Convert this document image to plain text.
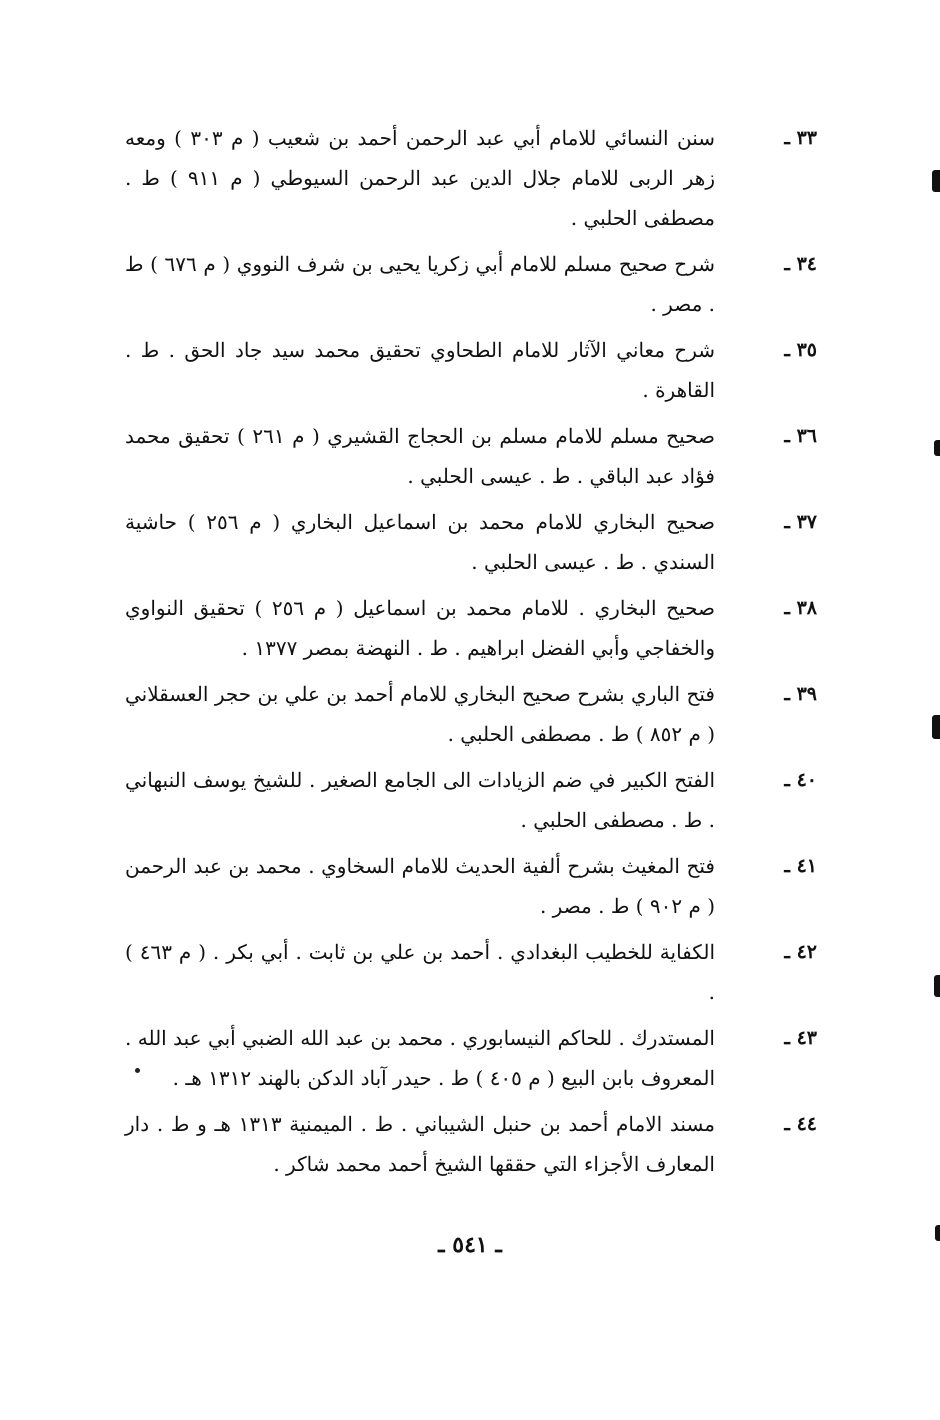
٣٣ ـ
سنن النسائي للامام أبي عبد الرحمن أحمد بن شعيب ( م ٣٠٣ ) ومعه زهر الربى للامام جلال الدين عبد الرحمن السيوطي ( م ٩١١ ) ط . مصطفى الحلبي .
٣٤ ـ
شرح صحيح مسلم للامام أبي زكريا يحيى بن شرف النووي ( م ٦٧٦ ) ط . مصر .
٣٥ ـ
شرح معاني الآثار للامام الطحاوي تحقيق محمد سيد جاد الحق . ط . القاهرة .
٣٦ ـ
صحيح مسلم للامام مسلم بن الحجاج القشيري ( م ٢٦١ ) تحقيق محمد فؤاد عبد الباقي . ط . عيسى الحلبي .
٣٧ ـ
صحيح البخاري للامام محمد بن اسماعيل البخاري ( م ٢٥٦ ) حاشية السندي . ط . عيسى الحلبي .
٣٨ ـ
صحيح البخاري . للامام محمد بن اسماعيل ( م ٢٥٦ ) تحقيق النواوي والخفاجي وأبي الفضل ابراهيم . ط . النهضة بمصر ١٣٧٧ .
٣٩ ـ
فتح الباري بشرح صحيح البخاري للامام أحمد بن علي بن حجر العسقلاني ( م ٨٥٢ ) ط . مصطفى الحلبي .
٤٠ ـ
الفتح الكبير في ضم الزيادات الى الجامع الصغير . للشيخ يوسف النبهاني . ط . مصطفى الحلبي .
٤١ ـ
فتح المغيث بشرح ألفية الحديث للامام السخاوي . محمد بن عبد الرحمن ( م ٩٠٢ ) ط . مصر .
٤٢ ـ
الكفاية للخطيب البغدادي . أحمد بن علي بن ثابت . أبي بكر . ( م ٤٦٣ ) .
٤٣ ـ
المستدرك . للحاكم النيسابوري . محمد بن عبد الله الضبي أبي عبد الله . المعروف بابن البيع ( م ٤٠٥ ) ط . حيدر آباد الدكن بالهند ١٣١٢ هـ .
٤٤ ـ
مسند الامام أحمد بن حنبل الشيباني . ط . الميمنية ١٣١٣ هـ و ط . دار المعارف الأجزاء التي حققها الشيخ أحمد محمد شاكر .
ـ ٥٤١ ـ
